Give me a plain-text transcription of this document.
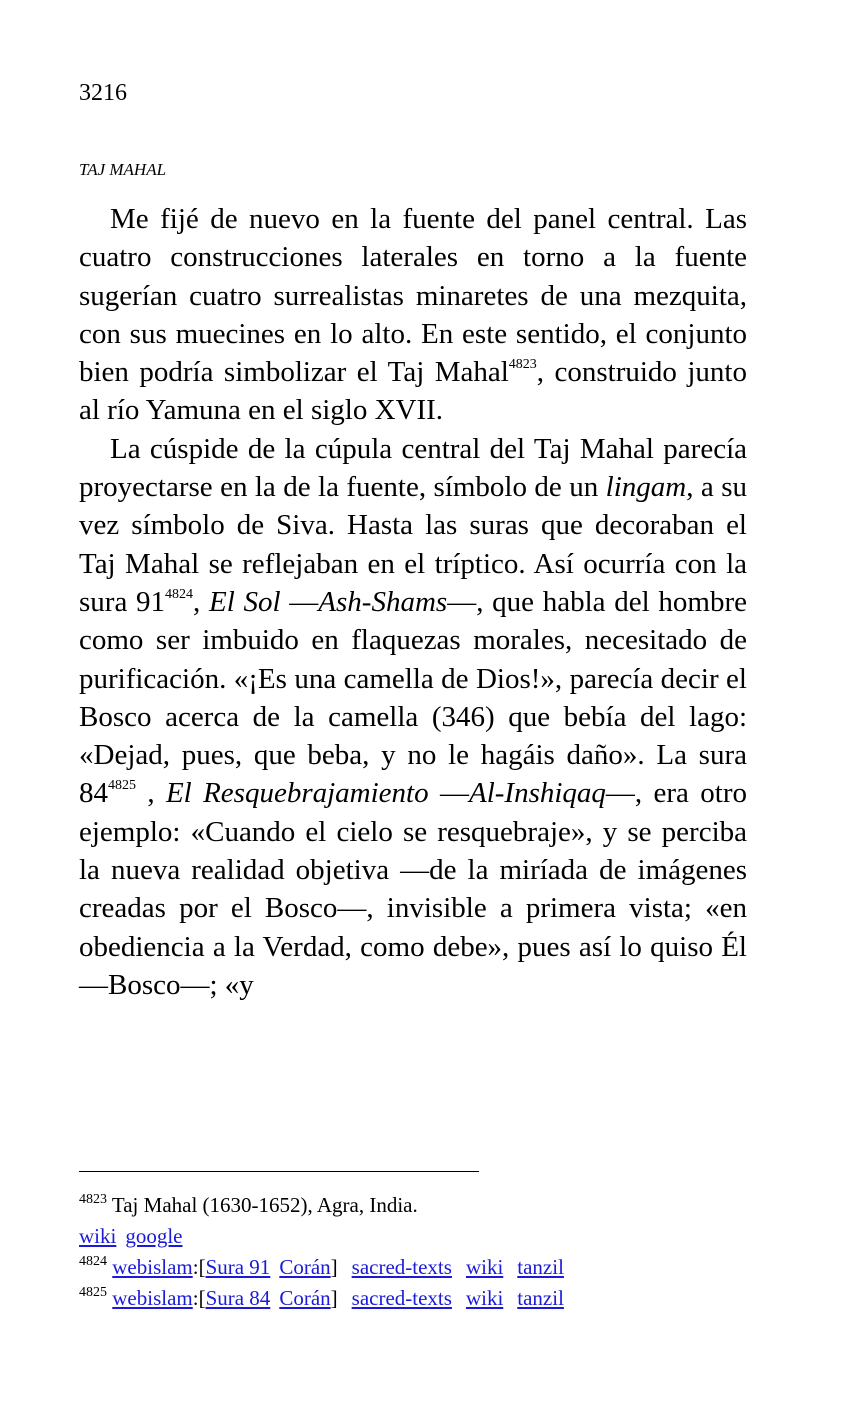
3216
TAJ MAHAL

Me fijé de nuevo en la fuente del panel central. Las cuatro construcciones laterales en torno a la fuente sugerían cuatro surrealistas minaretes de una mezquita, con sus muecines en lo alto. En este sentido, el conjunto bien podría simbolizar el Taj Mahal$^{4823}$, construido junto al río Yamuna en el siglo XVII.

La cúspide de la cúpula central del Taj Mahal parecía proyectarse en la de la fuente, símbolo de un lingam, a su vez símbolo de Siva. Hasta las suras que decoraban el Taj Mahal se reflejaban en el tríptico. Así ocurría con la sura 91$^{4824}$, El Sol —Ash-Shams—, que habla del hombre como ser imbuido en flaquezas morales, necesitado de purificación. «¡Es una camella de Dios!», parecía decir el Bosco acerca de la camella (346) que bebía del lago: «Dejad, pues, que beba, y no le hagáis daño». La sura 84$^{4825}$ , El Resquebrajamiento —Al-Inshiqaq—, era otro ejemplo: «Cuando el cielo se resquebraje», y se perciba la nueva realidad objetiva —de la miríada de imágenes creadas por el Bosco—, invisible a primera vista; «en obediencia a la Verdad, como debe», pues así lo quiso Él —Bosco—; «y

$^{4823}$ Taj Mahal (1630-1652), Agra, India.
wiki google
$^{4824}$ webislam:[Sura 91 Corán] sacred-texts wiki tanzil
$^{4825}$ webislam:[Sura 84 Corán] sacred-texts wiki tanzil
